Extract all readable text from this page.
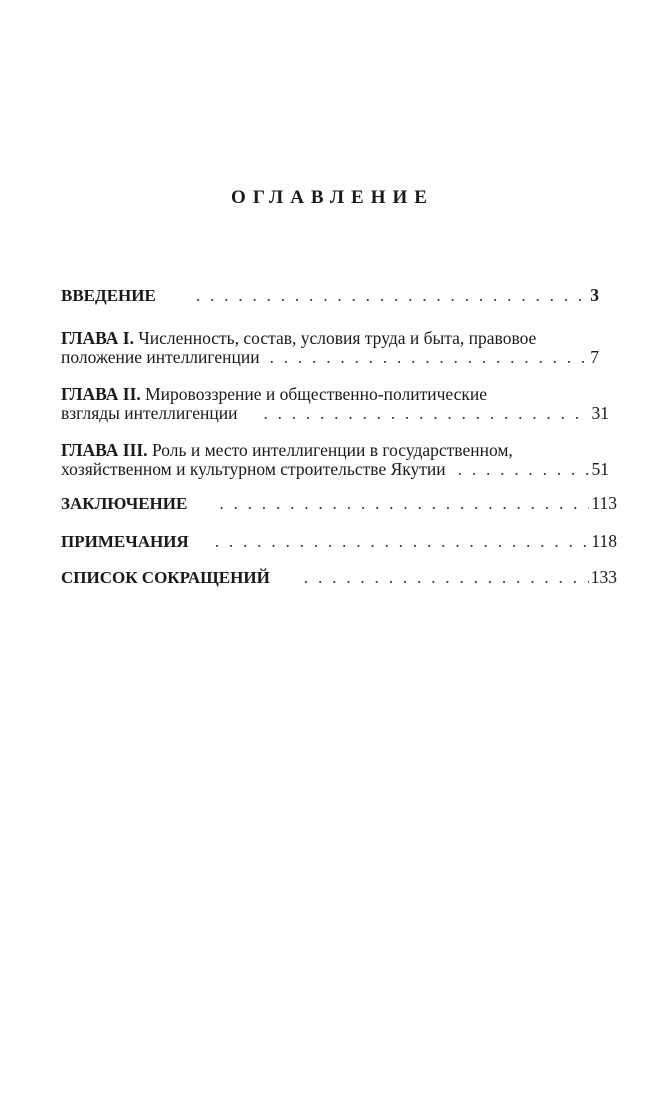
ОГЛАВЛЕНИЕ
ВВЕДЕНИЕ . . .	3
ГЛАВА I. Численность, состав, условия труда и быта, правовое
положение интеллигенции . . .	7
ГЛАВА II. Мировоззрение и общественно-политические
взгляды интеллигенции . . .	31
ГЛАВА III. Роль и место интеллигенции в государственном,
хозяйственном и культурном строительстве Якутии . . .	51
ЗАКЛЮЧЕНИЕ . . .	113
ПРИМЕЧАНИЯ . . .	118
СПИСОК СОКРАЩЕНИЙ . . .	133
